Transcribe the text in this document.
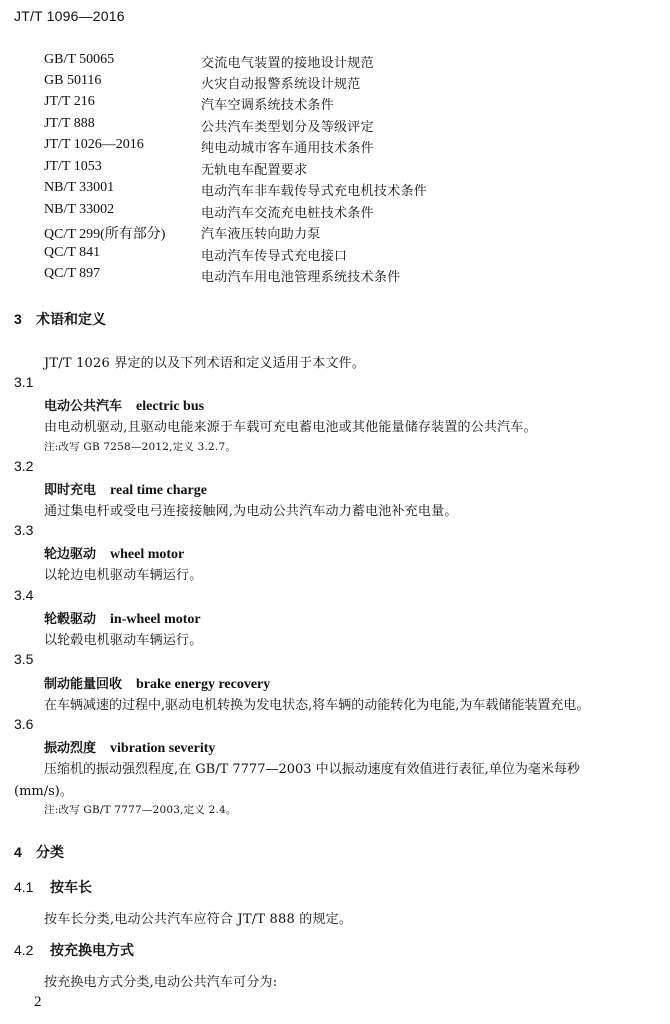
JT/T 1096—2016
GB/T 50065	交流电气装置的接地设计规范
GB 50116	火灾自动报警系统设计规范
JT/T 216	汽车空调系统技术条件
JT/T 888	公共汽车类型划分及等级评定
JT/T 1026—2016	纯电动城市客车通用技术条件
JT/T 1053	无轨电车配置要求
NB/T 33001	电动汽车非车载传导式充电机技术条件
NB/T 33002	电动汽车交流充电桩技术条件
QC/T 299(所有部分)	汽车液压转向助力泵
QC/T 841	电动汽车传导式充电接口
QC/T 897	电动汽车用电池管理系统技术条件
3 术语和定义
JT/T 1026 界定的以及下列术语和定义适用于本文件。
3.1
电动公共汽车 electric bus
由电动机驱动,且驱动电能来源于车载可充电蓄电池或其他能量储存装置的公共汽车。
注:改写 GB 7258—2012,定义 3.2.7。
3.2
即时充电 real time charge
通过集电杆或受电弓连接接触网,为电动公共汽车动力蓄电池补充电量。
3.3
轮边驱动 wheel motor
以轮边电机驱动车辆运行。
3.4
轮毂驱动 in-wheel motor
以轮毂电机驱动车辆运行。
3.5
制动能量回收 brake energy recovery
在车辆减速的过程中,驱动电机转换为发电状态,将车辆的动能转化为电能,为车载储能装置充电。
3.6
振动烈度 vibration severity
压缩机的振动强烈程度,在 GB/T 7777—2003 中以振动速度有效值进行表征,单位为毫米每秒
(mm/s)。
注:改写 GB/T 7777—2003,定义 2.4。
4 分类
4.1 按车长
按车长分类,电动公共汽车应符合 JT/T 888 的规定。
4.2 按充换电方式
按充换电方式分类,电动公共汽车可分为:
2
